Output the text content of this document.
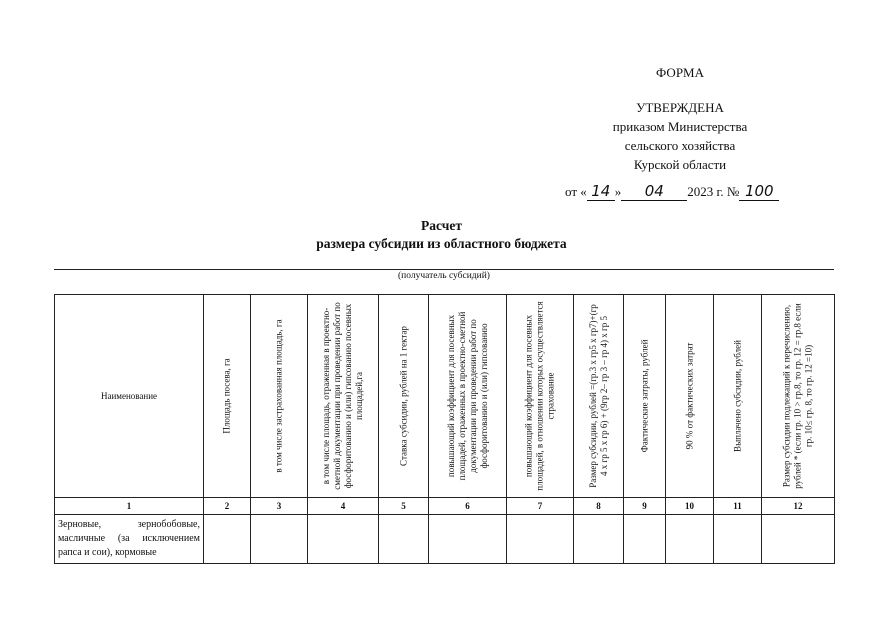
ФОРМА
УТВЕРЖДЕНА
приказом Министерства
сельского хозяйства
Курской области
от « 14 » 04 2023 г. № 100
Расчет
размера субсидии из областного бюджета
(получатель субсидий)
Наименование	Площадь посева, га	в том числе застрахованная площадь, га	в том числе площадь, отраженная в проектно-сметной документации при проведении работ по фосфоритованию и (или) гипсованию посевных площадей,га	Ставка субсидии, рублей на 1 гектар	повышающий коэффициент для посевных площадей, отраженных в проектно-сметной документации при проведении работ по фосфоритованию и (или) гипсованию	повышающий коэффициент для посевных площадей, в отношении которых осуществляется страхование	Размер субсидии, рублей =(гр.3 х гр5 х гр7)+(гр 4 х гр 5 х гр 6) + (9гр 2– гр 3 – гр 4) х гр 5	Фактические затраты, рублей	90 % от фактических затрат	Выплачено субсидии, рублей	Размер субсидии подлежащий к перечислению, рублей * (если гр. 10 > гр.8, то гр. 12 = гр.8 если гр. 10≤ гр. 8, то гр. 12 =10)

1	2	3	4	5	6	7	8	9	10	11	12

Зерновые, зернобобовые, масличные (за исключением рапса и сои), кормовые											
